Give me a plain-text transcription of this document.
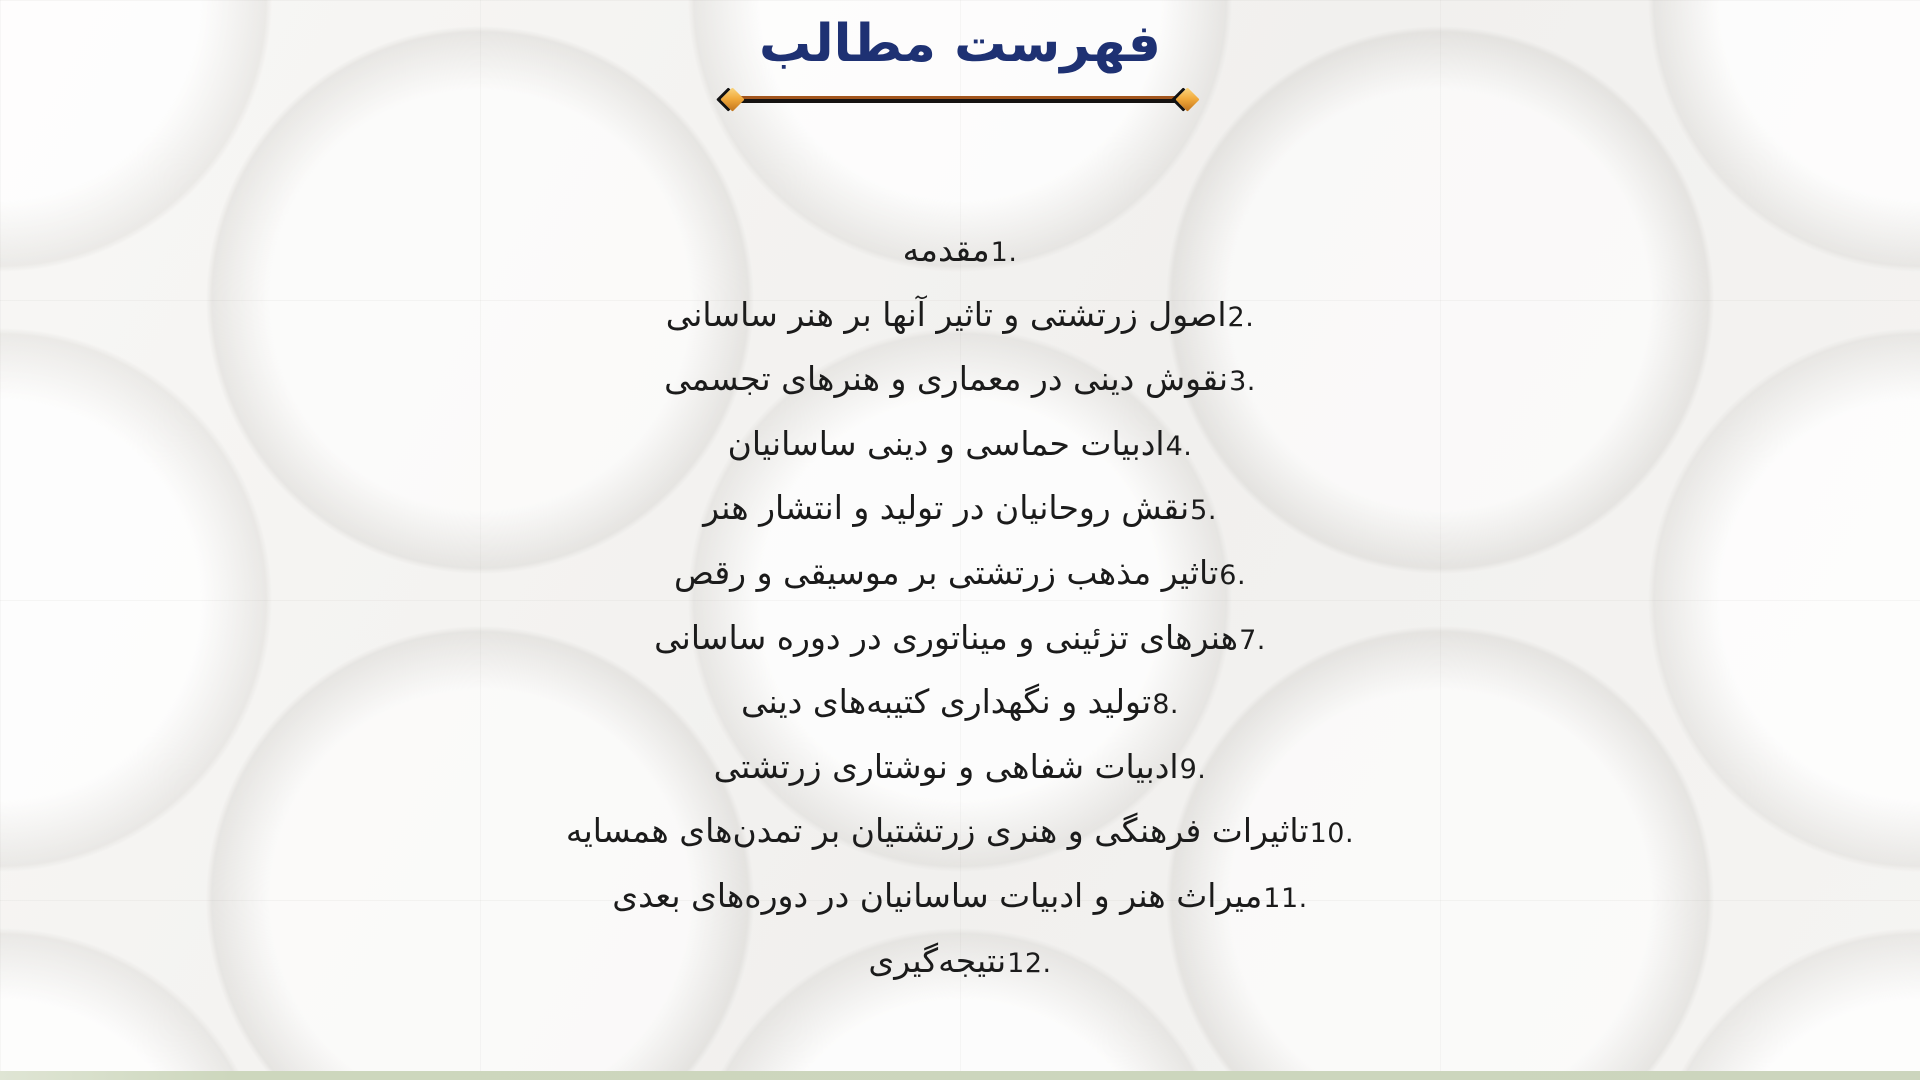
فهرست مطالب
مقدمه 1.
اصول زرتشتی و تاثیر آنها بر هنر ساسانی 2.
نقوش دینی در معماری و هنرهای تجسمی 3.
ادبیات حماسی و دینی ساسانیان 4.
نقش روحانیان در تولید و انتشار هنر 5.
تاثیر مذهب زرتشتی بر موسیقی و رقص 6.
هنرهای تزئینی و میناتوری در دوره ساسانی 7.
تولید و نگهداری کتیبه‌های دینی 8.
ادبیات شفاهی و نوشتاری زرتشتی 9.
تاثیرات فرهنگی و هنری زرتشتیان بر تمدن‌های همسایه 10.
میراث هنر و ادبیات ساسانیان در دوره‌های بعدی 11.
نتیجه‌گیری 12.
